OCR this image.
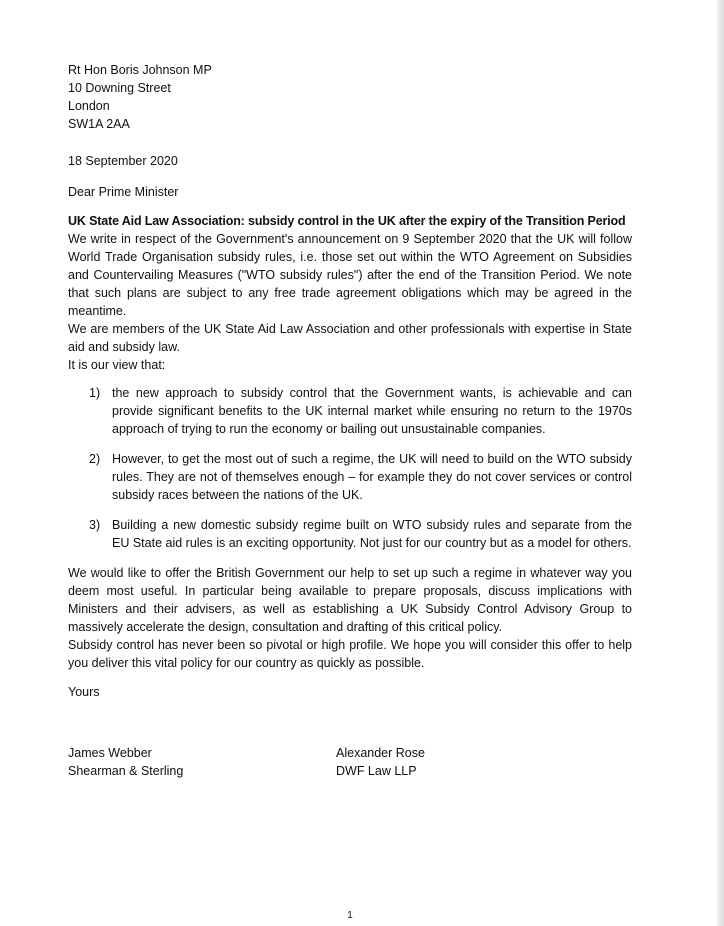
Rt Hon Boris Johnson MP
10 Downing Street
London
SW1A 2AA
18 September 2020
Dear Prime Minister
UK State Aid Law Association: subsidy control in the UK after the expiry of the Transition Period

We write in respect of the Government's announcement on 9 September 2020 that the UK will follow World Trade Organisation subsidy rules, i.e. those set out within the WTO Agreement on Subsidies and Countervailing Measures ("WTO subsidy rules") after the end of the Transition Period. We note that such plans are subject to any free trade agreement obligations which may be agreed in the meantime.

We are members of the UK State Aid Law Association and other professionals with expertise in State aid and subsidy law.

It is our view that:

1) the new approach to subsidy control that the Government wants, is achievable and can provide significant benefits to the UK internal market while ensuring no return to the 1970s approach of trying to run the economy or bailing out unsustainable companies.
2) However, to get the most out of such a regime, the UK will need to build on the WTO subsidy rules. They are not of themselves enough – for example they do not cover services or control subsidy races between the nations of the UK.
3) Building a new domestic subsidy regime built on WTO subsidy rules and separate from the EU State aid rules is an exciting opportunity. Not just for our country but as a model for others.

We would like to offer the British Government our help to set up such a regime in whatever way you deem most useful. In particular being available to prepare proposals, discuss implications with Ministers and their advisers, as well as establishing a UK Subsidy Control Advisory Group to massively accelerate the design, consultation and drafting of this critical policy.

Subsidy control has never been so pivotal or high profile. We hope you will consider this offer to help you deliver this vital policy for our country as quickly as possible.

Yours
James Webber
Shearman & Sterling
Alexander Rose
DWF Law LLP
1
